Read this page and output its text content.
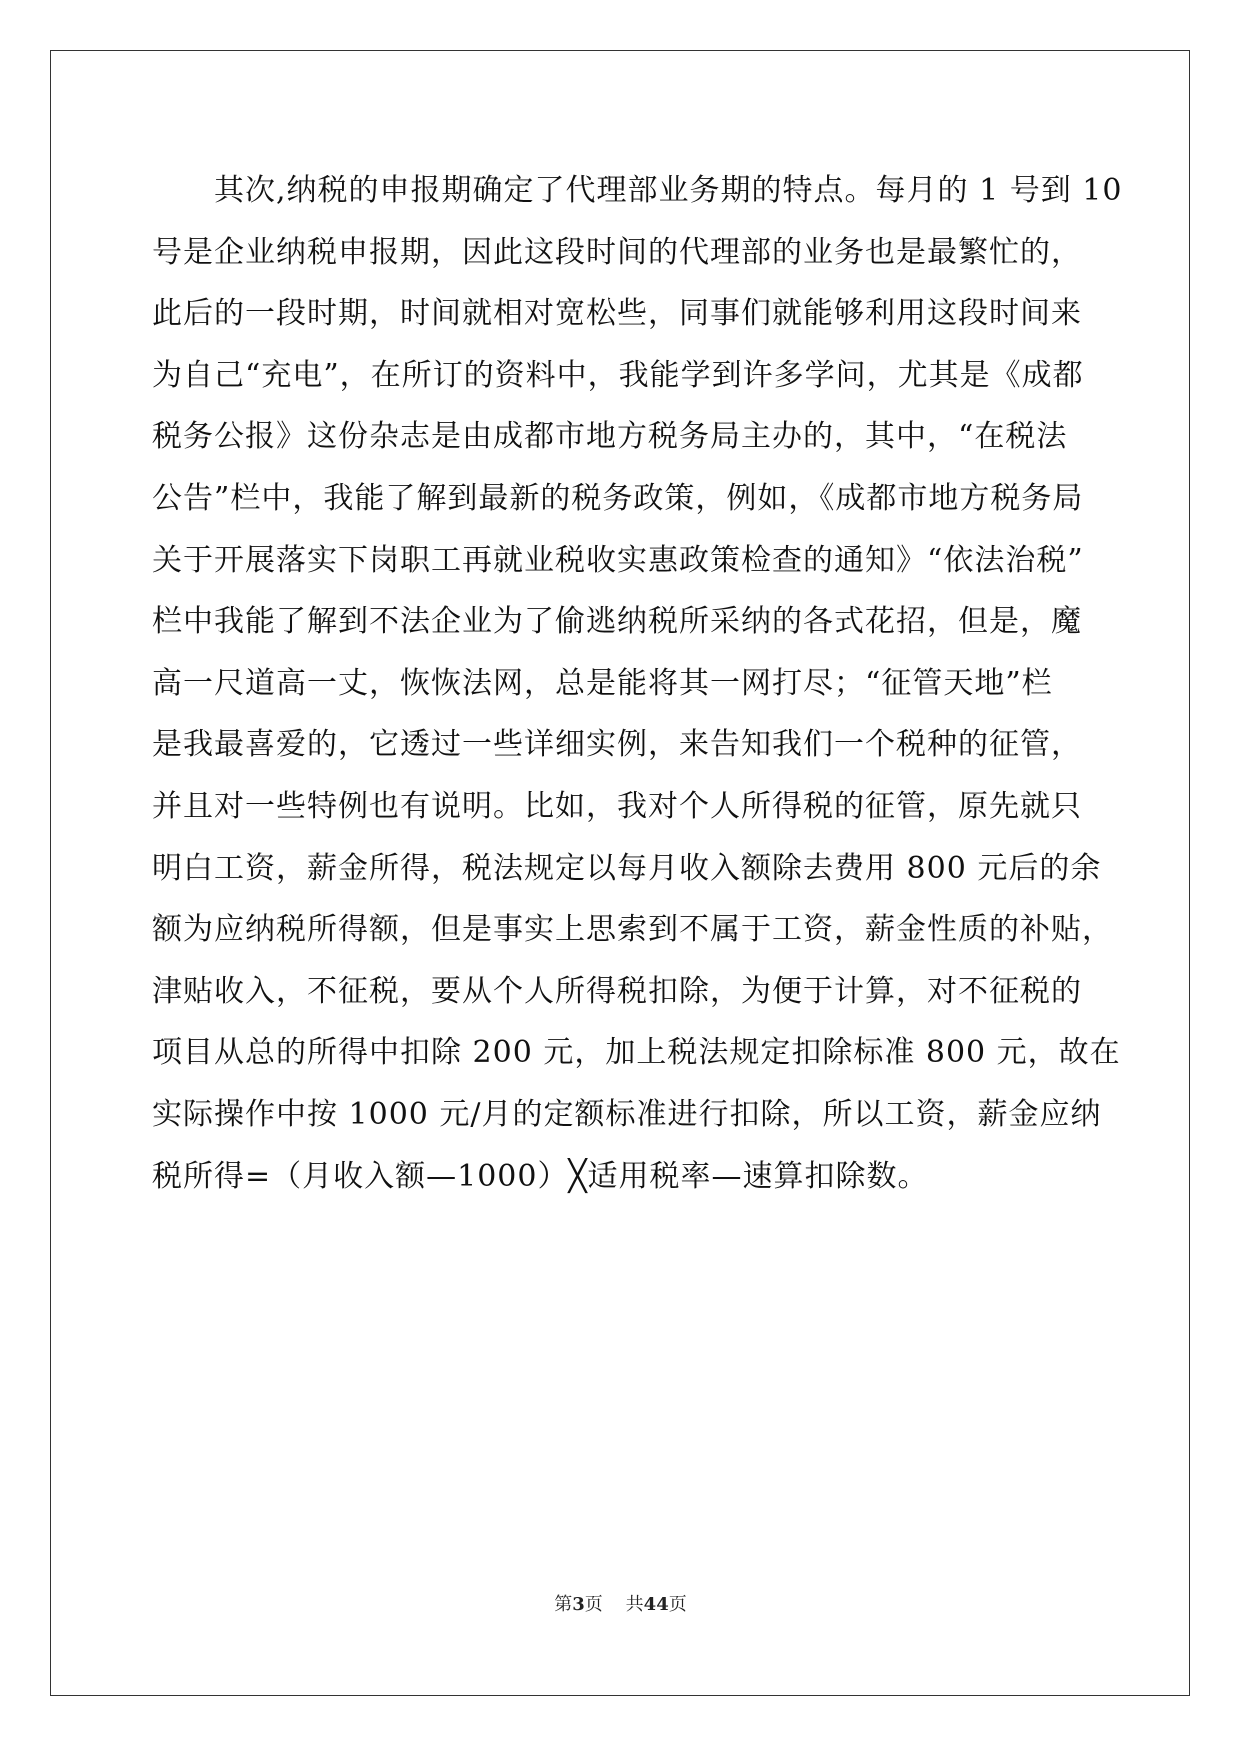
其次,纳税的申报期确定了代理部业务期的特点。每月的 1 号到 10
号是企业纳税申报期，因此这段时间的代理部的业务也是最繁忙的，
此后的一段时期，时间就相对宽松些，同事们就能够利用这段时间来
为自己“充电”，在所订的资料中，我能学到许多学问，尤其是《成都
税务公报》这份杂志是由成都市地方税务局主办的，其中，“在税法
公告”栏中，我能了解到最新的税务政策，例如，《成都市地方税务局
关于开展落实下岗职工再就业税收实惠政策检查的通知》“依法治税”
栏中我能了解到不法企业为了偷逃纳税所采纳的各式花招，但是，魔
高一尺道高一丈，恢恢法网，总是能将其一网打尽；“征管天地”栏
是我最喜爱的，它透过一些详细实例，来告知我们一个税种的征管，
并且对一些特例也有说明。比如，我对个人所得税的征管，原先就只
明白工资，薪金所得，税法规定以每月收入额除去费用 800 元后的余
额为应纳税所得额，但是事实上思索到不属于工资，薪金性质的补贴，
津贴收入，不征税，要从个人所得税扣除，为便于计算，对不征税的
项目从总的所得中扣除 200 元，加上税法规定扣除标准 800 元，故在
实际操作中按 1000 元/月的定额标准进行扣除，所以工资，薪金应纳
税所得=（月收入额—1000）╳适用税率—速算扣除数。
第3页 共44页
